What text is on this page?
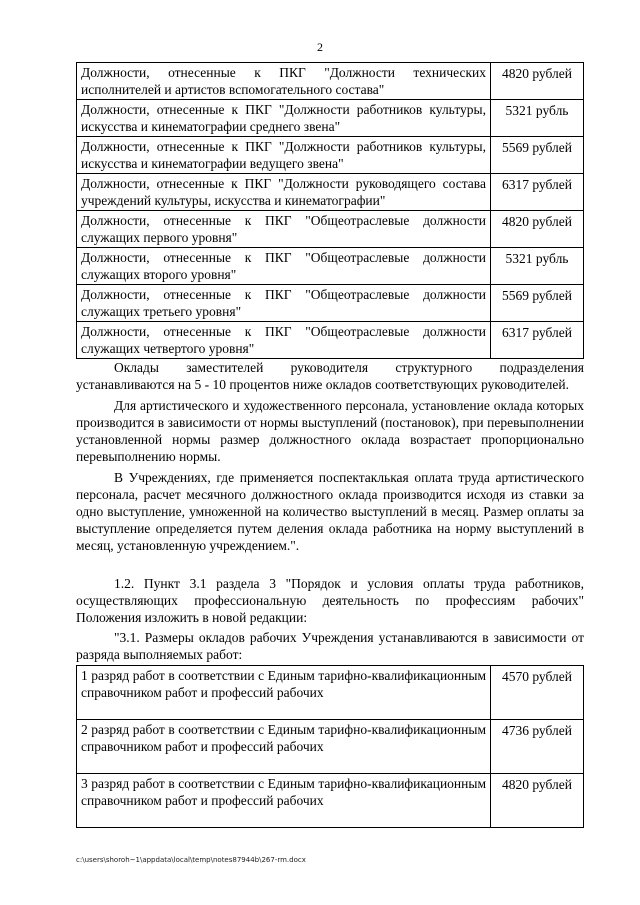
2
Должности, отнесенные к ПКГ "Должности технических исполнителей и артистов вспомогательного состава"	4820 рублей
Должности, отнесенные к ПКГ "Должности работников культуры, искусства и кинематографии среднего звена"	5321 рубль
Должности, отнесенные к ПКГ "Должности работников культуры, искусства и кинематографии ведущего звена"	5569 рублей
Должности, отнесенные к ПКГ "Должности руководящего состава учреждений культуры, искусства и кинематографии"	6317 рублей
Должности, отнесенные к ПКГ "Общеотраслевые должности служащих первого уровня"	4820 рублей
Должности, отнесенные к ПКГ "Общеотраслевые должности служащих второго уровня"	5321 рубль
Должности, отнесенные к ПКГ "Общеотраслевые должности служащих третьего уровня"	5569 рублей
Должности, отнесенные к ПКГ "Общеотраслевые должности служащих четвертого уровня"	6317 рублей

Оклады заместителей руководителя структурного подразделения устанавливаются на 5 - 10 процентов ниже окладов соответствующих руководителей.

Для артистического и художественного персонала, установление оклада которых производится в зависимости от нормы выступлений (постановок), при перевыполнении установленной нормы размер должностного оклада возрастает пропорционально перевыполнению нормы.

В Учреждениях, где применяется поспектаклькая оплата труда артистического персонала, расчет месячного должностного оклада производится исходя из ставки за одно выступление, умноженной на количество выступлений в месяц. Размер оплаты за выступление определяется путем деления оклада работника на норму выступлений в месяц, установленную учреждением.".

1.2. Пункт 3.1 раздела 3 "Порядок и условия оплаты труда работников, осуществляющих профессиональную деятельность по профессиям рабочих" Положения изложить в новой редакции:

"3.1. Размеры окладов рабочих Учреждения устанавливаются в зависимости от разряда выполняемых работ:

1 разряд работ в соответствии с Единым тарифно-квалификационным справочником работ и профессий рабочих	4570 рублей
2 разряд работ в соответствии с Единым тарифно-квалификационным справочником работ и профессий рабочих	4736 рублей
3 разряд работ в соответствии с Единым тарифно-квалификационным справочником работ и профессий рабочих	4820 рублей
c:\users\shoroh~1\appdata\local\temp\notes87944b\267-rm.docx
